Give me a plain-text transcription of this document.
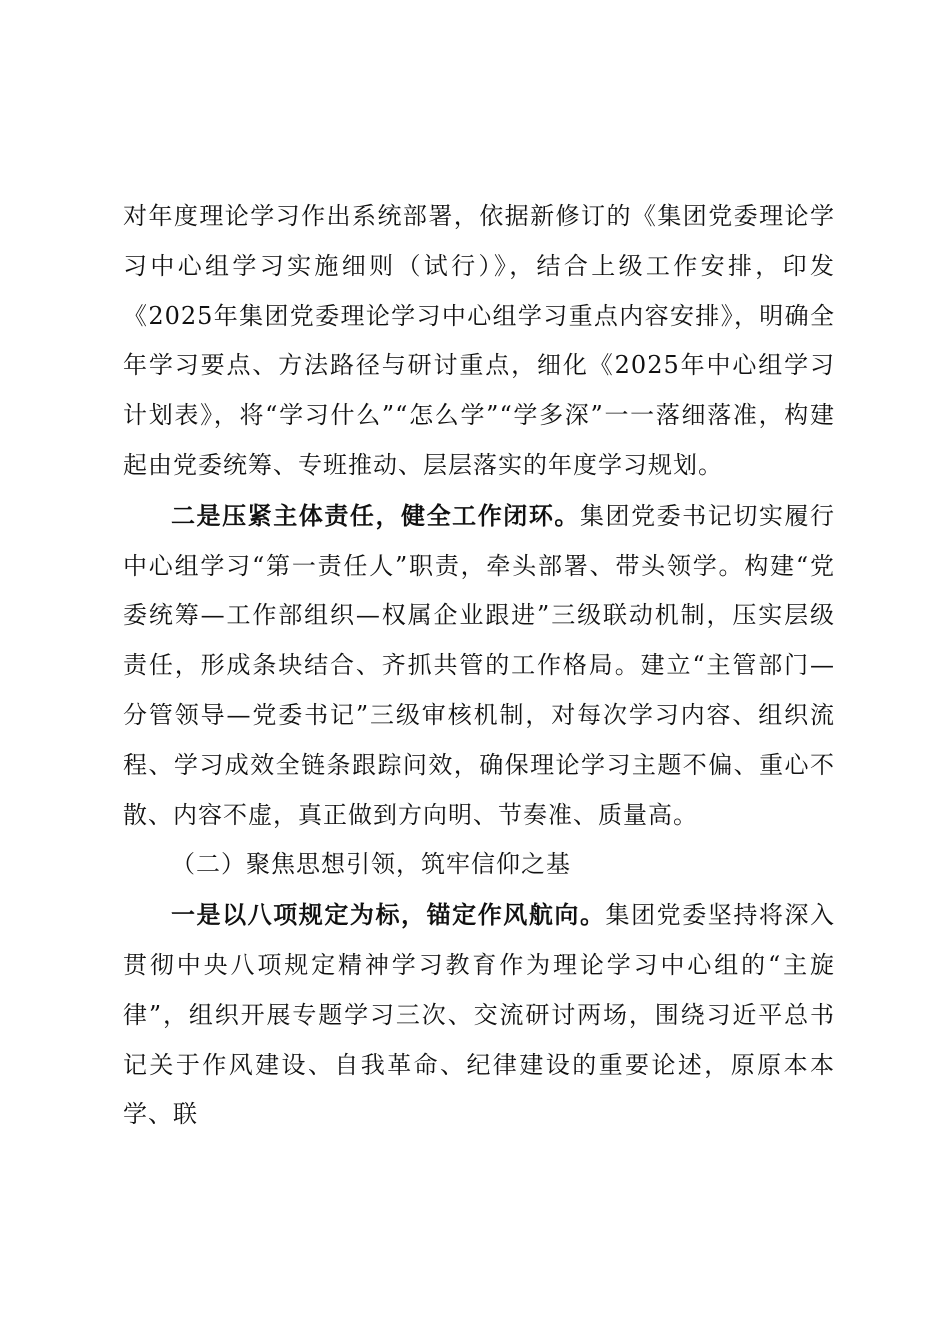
对年度理论学习作出系统部署，依据新修订的《集团党委理论学习中心组学习实施细则（试行）》，结合上级工作安排，印发《2025年集团党委理论学习中心组学习重点内容安排》，明确全年学习要点、方法路径与研讨重点，细化《2025年中心组学习计划表》，将“学习什么”“怎么学”“学多深”一一落细落准，构建起由党委统筹、专班推动、层层落实的年度学习规划。

二是压紧主体责任，健全工作闭环。集团党委书记切实履行中心组学习“第一责任人”职责，牵头部署、带头领学。构建“党委统筹—工作部组织—权属企业跟进”三级联动机制，压实层级责任，形成条块结合、齐抓共管的工作格局。建立“主管部门—分管领导—党委书记”三级审核机制，对每次学习内容、组织流程、学习成效全链条跟踪问效，确保理论学习主题不偏、重心不散、内容不虚，真正做到方向明、节奏准、质量高。

（二）聚焦思想引领，筑牢信仰之基

一是以八项规定为标，锚定作风航向。集团党委坚持将深入贯彻中央八项规定精神学习教育作为理论学习中心组的“主旋律”，组织开展专题学习三次、交流研讨两场，围绕习近平总书记关于作风建设、自我革命、纪律建设的重要论述，原原本本学、联
